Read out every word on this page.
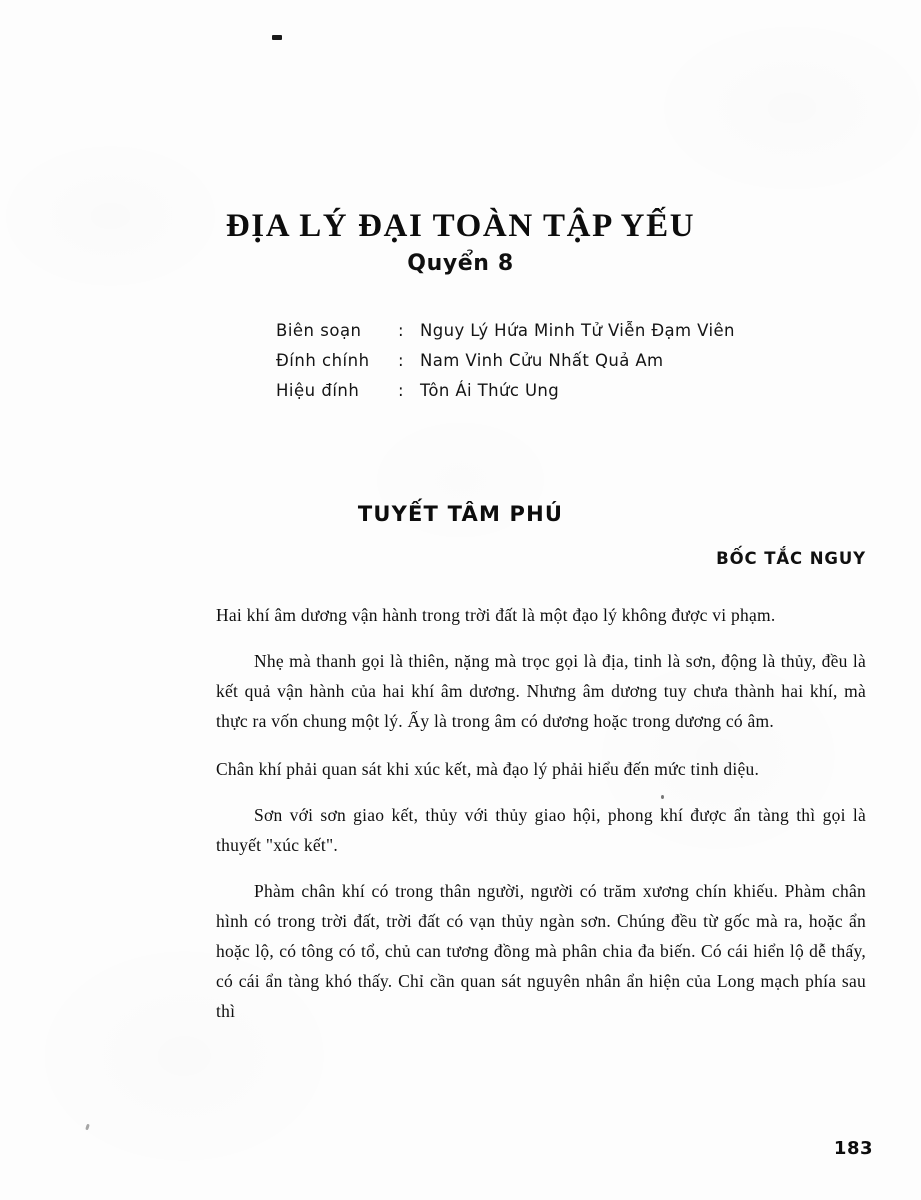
ĐỊA LÝ ĐẠI TOÀN TẬP YẾU
Quyển 8
Biên soạn	: Nguy Lý Hứa Minh Tử Viễn Đạm Viên
Đính chính	: Nam Vinh Cửu Nhất Quả Am
Hiệu đính	: Tôn Ái Thức Ung
TUYẾT TÂM PHÚ
BỐC TẮC NGUY

Hai khí âm dương vận hành trong trời đất là một đạo lý không được vi phạm.

Nhẹ mà thanh gọi là thiên, nặng mà trọc gọi là địa, tinh là sơn, động là thủy, đều là kết quả vận hành của hai khí âm dương. Nhưng âm dương tuy chưa thành hai khí, mà thực ra vốn chung một lý. Ấy là trong âm có dương hoặc trong dương có âm.

Chân khí phải quan sát khi xúc kết, mà đạo lý phải hiểu đến mức tinh diệu.

Sơn với sơn giao kết, thủy với thủy giao hội, phong khí được ẩn tàng thì gọi là thuyết "xúc kết".

Phàm chân khí có trong thân người, người có trăm xương chín khiếu. Phàm chân hình có trong trời đất, trời đất có vạn thủy ngàn sơn. Chúng đều từ gốc mà ra, hoặc ẩn hoặc lộ, có tông có tổ, chủ can tương đồng mà phân chia đa biến. Có cái hiển lộ dễ thấy, có cái ẩn tàng khó thấy. Chỉ cần quan sát nguyên nhân ẩn hiện của Long mạch phía sau thì

183
